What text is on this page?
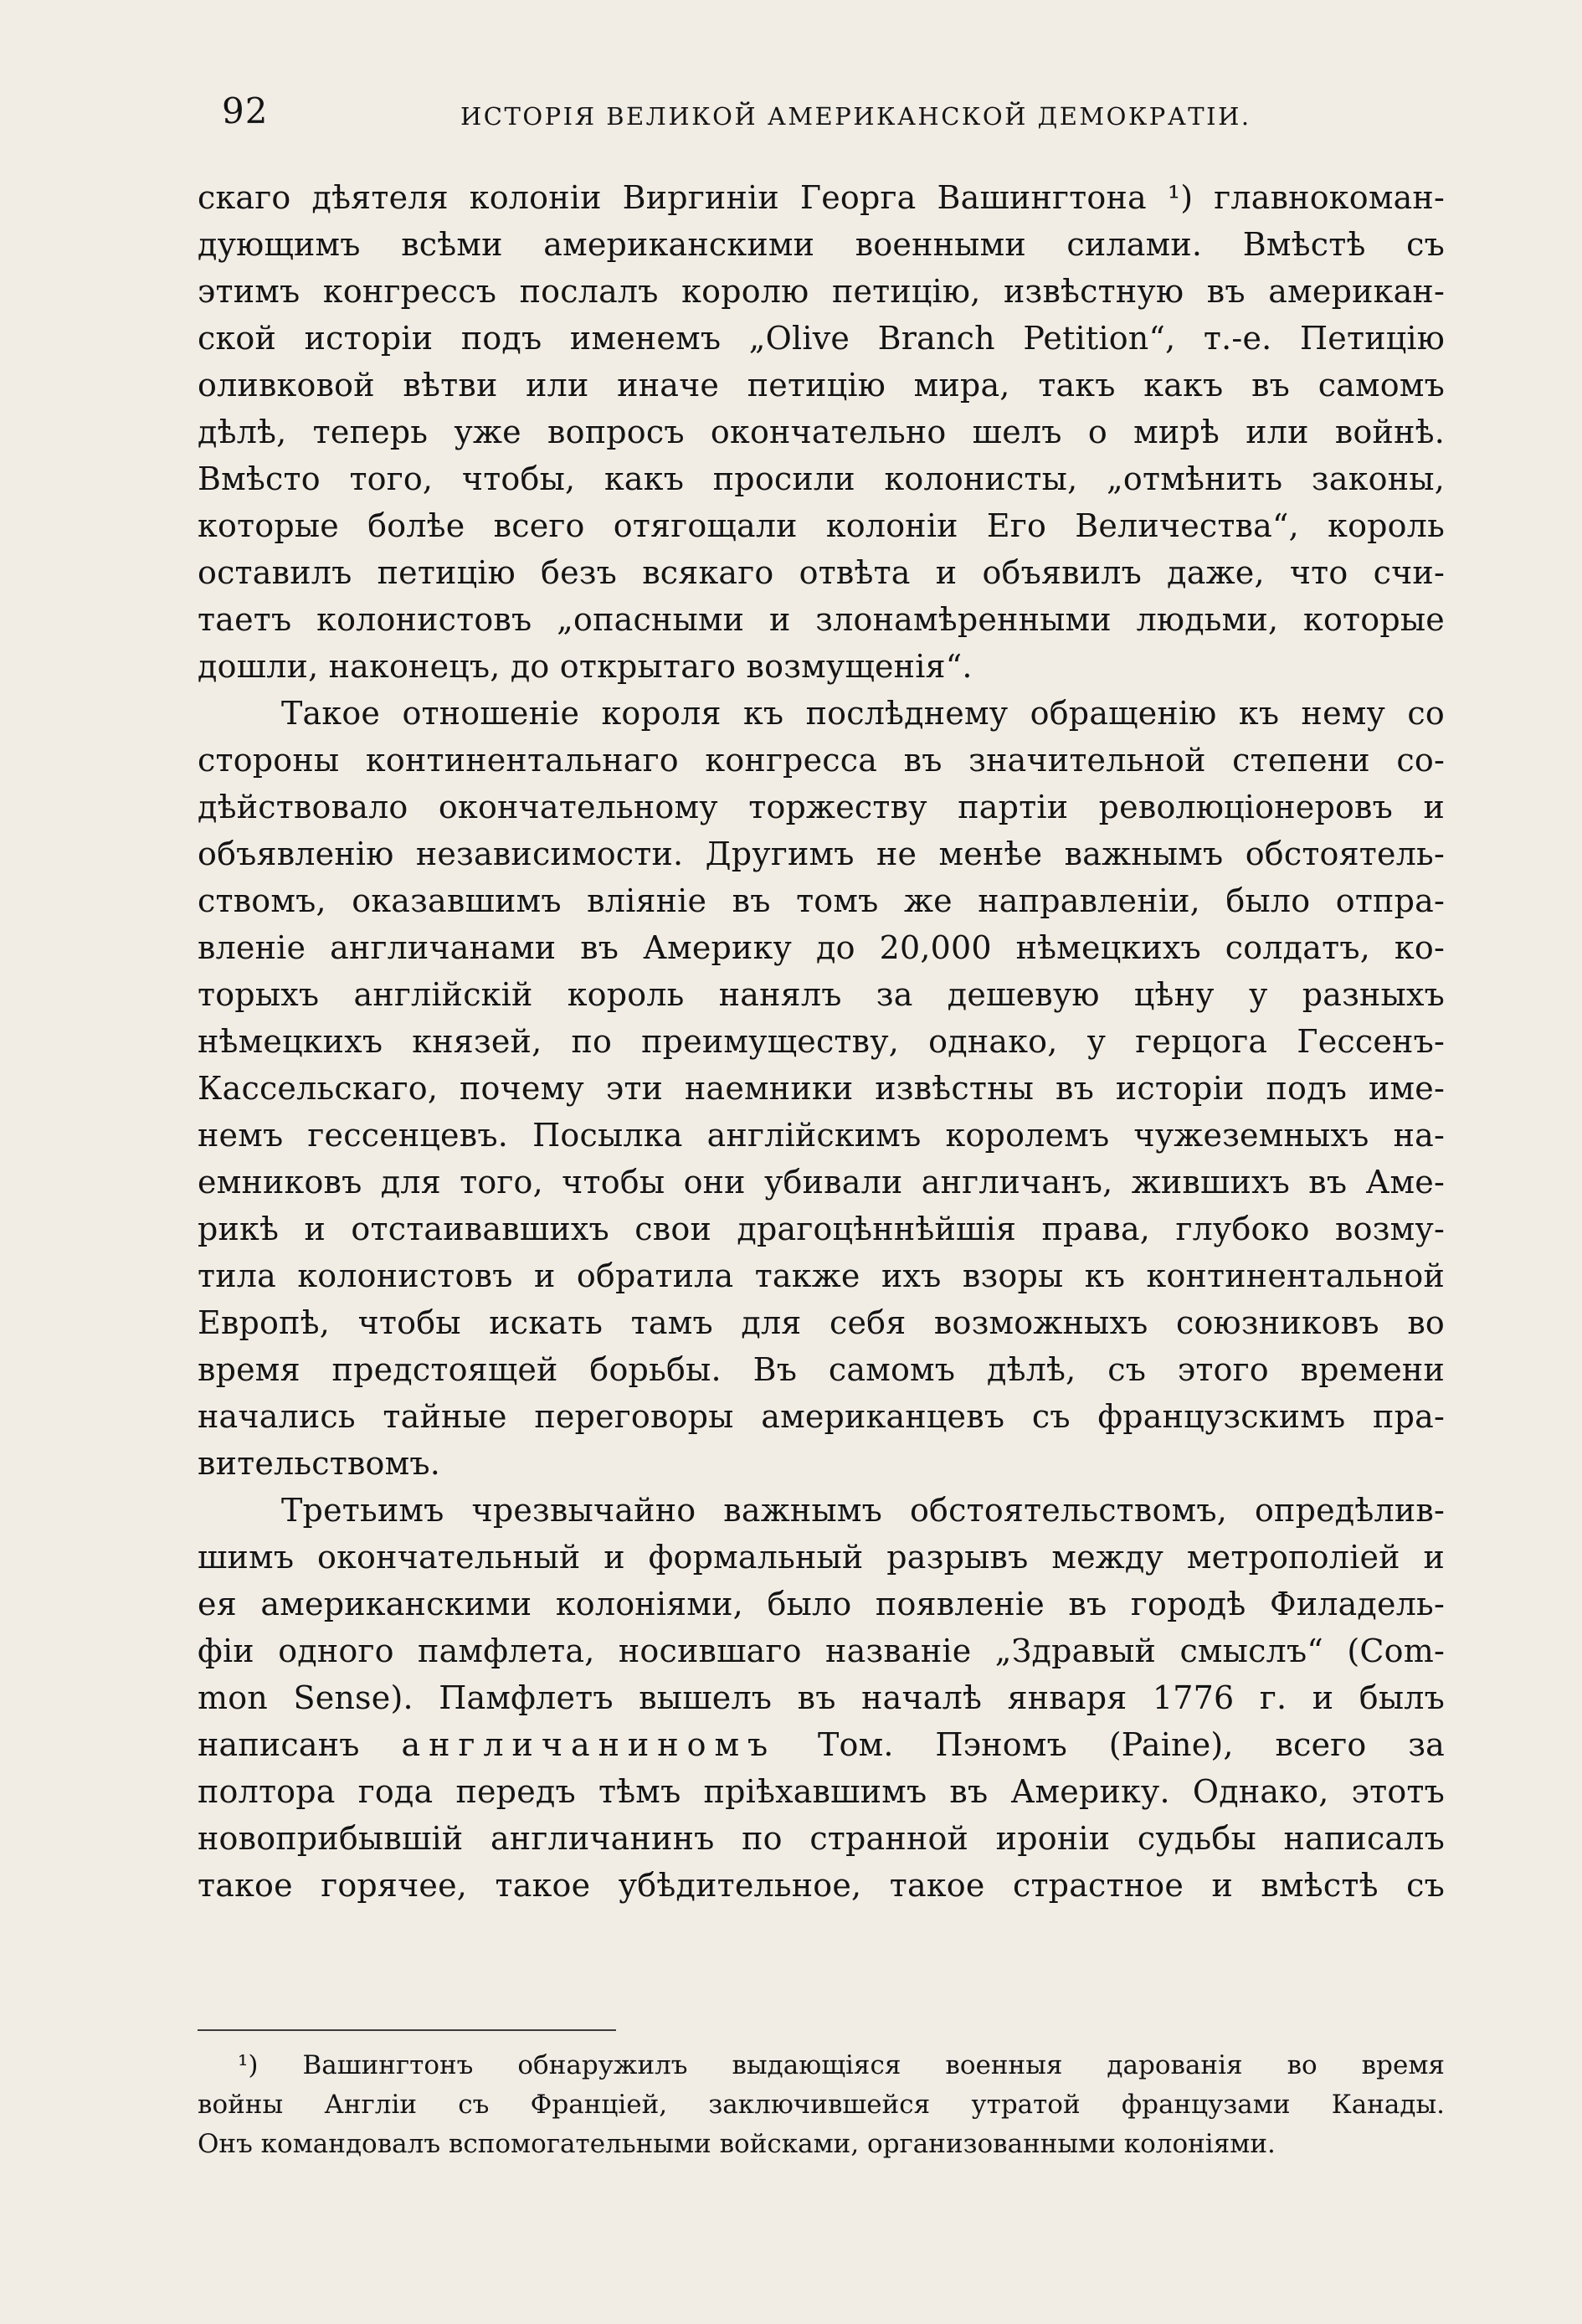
92	ИСТОРІЯ ВЕЛИКОЙ АМЕРИКАНСКОЙ ДЕМОКРАТІИ.
скаго дѣятеля колоніи Виргиніи Георга Вашингтона ¹) главнокоман-
дующимъ всѣми американскими военными силами. Вмѣстѣ съ
этимъ конгрессъ послалъ королю петицію, извѣстную въ американ-
ской исторіи подъ именемъ „Olive Branch Petition“, т.-е. Петицію
оливковой вѣтви или иначе петицію мира, такъ какъ въ самомъ
дѣлѣ, теперь уже вопросъ окончательно шелъ о мирѣ или войнѣ.
Вмѣсто того, чтобы, какъ просили колонисты, „отмѣнить законы,
которые болѣе всего отягощали колоніи Его Величества“, король
оставилъ петицію безъ всякаго отвѣта и объявилъ даже, что счи-
таетъ колонистовъ „опасными и злонамѣренными людьми, которые
дошли, наконецъ, до открытаго возмущенія“.
Такое отношеніе короля къ послѣднему обращенію къ нему со
стороны континентальнаго конгресса въ значительной степени со-
дѣйствовало окончательному торжеству партіи революціонеровъ и
объявленію независимости. Другимъ не менѣе важнымъ обстоятель-
ствомъ, оказавшимъ вліяніе въ томъ же направленіи, было отпра-
вленіе англичанами въ Америку до 20,000 нѣмецкихъ солдатъ, ко-
торыхъ англійскій король нанялъ за дешевую цѣну у разныхъ
нѣмецкихъ князей, по преимуществу, однако, у герцога Гессенъ-
Кассельскаго, почему эти наемники извѣстны въ исторіи подъ име-
немъ гессенцевъ. Посылка англійскимъ королемъ чужеземныхъ на-
емниковъ для того, чтобы они убивали англичанъ, жившихъ въ Аме-
рикѣ и отстаивавшихъ свои драгоцѣннѣйшія права, глубоко возму-
тила колонистовъ и обратила также ихъ взоры къ континентальной
Европѣ, чтобы искать тамъ для себя возможныхъ союзниковъ во
время предстоящей борьбы. Въ самомъ дѣлѣ, съ этого времени
начались тайные переговоры американцевъ съ французскимъ пра-
вительствомъ.
Третьимъ чрезвычайно важнымъ обстоятельствомъ, опредѣлив-
шимъ окончательный и формальный разрывъ между метрополіей и
ея американскими колоніями, было появленіе въ городѣ Филадель-
фіи одного памфлета, носившаго названіе „Здравый смыслъ“ (Com-
mon Sense). Памфлетъ вышелъ въ началѣ января 1776 г. и былъ
написанъ англичаниномъ Том. Пэномъ (Paine), всего за
полтора года передъ тѣмъ пріѣхавшимъ въ Америку. Однако, этотъ
новоприбывшій англичанинъ по странной ироніи судьбы написалъ
такое горячее, такое убѣдительное, такое страстное и вмѣстѣ съ
¹) Вашингтонъ обнаружилъ выдающіяся военныя дарованія во время
войны Англіи съ Франціей, заключившейся утратой французами Канады.
Онъ командовалъ вспомогательными войсками, организованными колоніями.
